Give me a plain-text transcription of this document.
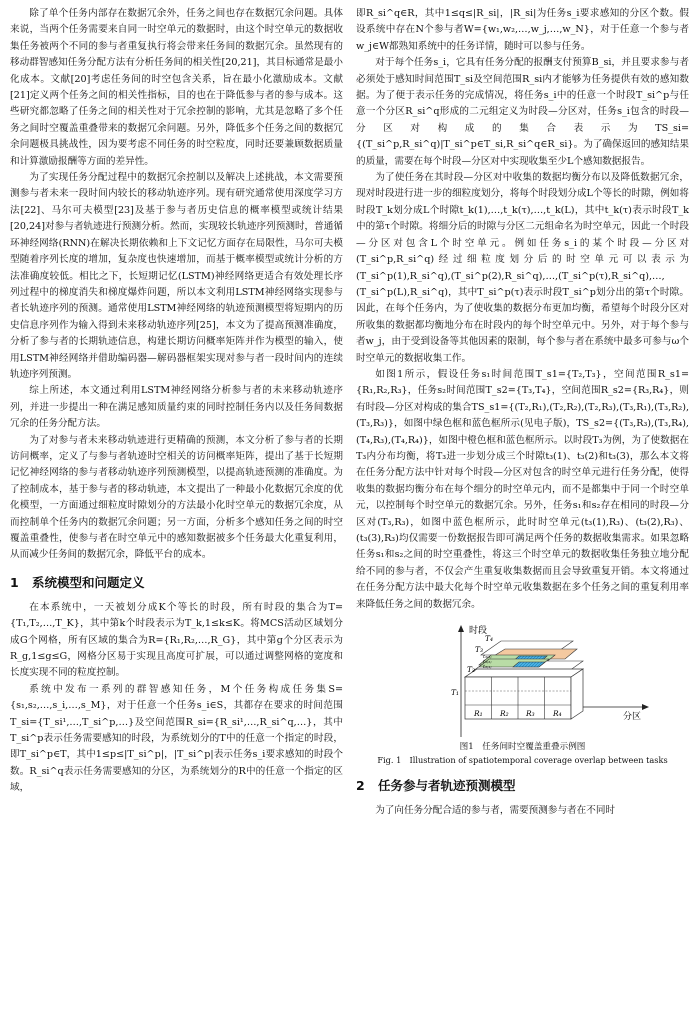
除了单个任务内部存在数据冗余外，任务之间也存在数据冗余问题。具体来说，当两个任务需要来自同一时空单元的数据时，由这个时空单元的数据收集任务被两个不同的参与者重复执行将会带来任务间的数据冗余。虽然现有的移动群智感知任务分配方法有分析任务间的相关性[20,21]，其目标通常是最小化成本。文献[20]考虑任务间的时空包含关系，旨在最小化激励成本。文献[21]定义两个任务之间的相关性指标，目的也在于降低参与者的参与成本。这些研究都忽略了任务之间的相关性对于冗余控制的影响，尤其是忽略了多个任务之间时空覆盖重叠带来的数据冗余问题。另外，降低多个任务之间的数据冗余问题极具挑战性，因为要考虑不同任务的时空粒度，同时还要兼顾数据质量和计算激励报酬等方面的差异性。

为了实现任务分配过程中的数据冗余控制以及解决上述挑战，本文需要预测参与者未来一段时间内较长的移动轨迹序列。现有研究通常使用深度学习方法[22]、马尔可夫模型[23]及基于参与者历史信息的概率模型或统计结果[20,24]对参与者轨迹进行预测分析。然而，实现较长轨迹序列预测时，普通循环神经网络(RNN)在解决长期依赖和上下文记忆方面存在局限性，马尔可夫模型随着序列长度的增加，复杂度也快速增加，而基于概率模型或统计分析的方法准确度较低。相比之下，长短期记忆(LSTM)神经网络更适合有效处理长序列过程中的梯度消失和梯度爆炸问题，所以本文利用LSTM神经网络实现参与者长轨迹序列的预测。通常使用LSTM神经网络的轨迹预测模型将短期内的历史信息序列作为输入得到未来移动轨迹序列[25]，本文为了提高预测准确度，分析了参与者的长期轨迹信息，构建长期访问概率矩阵并作为模型的输入，使用LSTM神经网络并借助编码器—解码器框架实现对参与者一段时间内的连续轨迹序列预测。

综上所述，本文通过利用LSTM神经网络分析参与者的未来移动轨迹序列，并进一步提出一种在满足感知质量约束的同时控制任务内以及任务间数据冗余的任务分配方法。

为了对参与者未来移动轨迹进行更精确的预测，本文分析了参与者的长期访问概率，定义了与参与者轨迹时空相关的访问概率矩阵，提出了基于长短期记忆神经网络的参与者移动轨迹序列预测模型，以提高轨迹预测的准确度。为了控制成本，基于参与者的移动轨迹，本文提出了一种最小化数据冗余度的优化模型，一方面通过细粒度时隙划分的方法最小化时空单元的数据冗余度，从而控制单个任务内的数据冗余问题；另一方面，分析多个感知任务之间的时空覆盖重叠性，使参与者在时空单元中的感知数据被多个任务最大化重复利用，从而减少任务间的数据冗余，降低平台的成本。

1 系统模型和问题定义

在本系统中，一天被划分成K个等长的时段，所有时段的集合为T={T₁,T₂,…,T_K}，其中第k个时段表示为T_k,1≤k≤K。将MCS活动区域划分成G个网格，所有区域的集合为R={R₁,R₂,…,R_G}，其中第g个分区表示为R_g,1≤g≤G，网格分区易于实现且高度可扩展，可以通过调整网格的宽度和长度实现不同的粒度控制。

系统中发布一系列的群智感知任务，M个任务构成任务集S={s₁,s₂,…,s_i,…,s_M}，对于任意一个任务s_i∈S，其都存在要求的时间范围T_si={T_si¹,…,T_si^p,…}及空间范围R_si={R_si¹,…,R_si^q,…}，其中T_si^p表示任务需要感知的时段，为系统划分的T中的任意一个指定的时段，即T_si^p∈T，其中1≤p≤|T_si^p|，|T_si^p|表示任务s_i要求感知的时段个数。R_si^q表示任务需要感知的分区，为系统划分的R中的任意一个指定的区域，

即R_si^q∈R，其中1≤q≤|R_si|，|R_si|为任务s_i要求感知的分区个数。假设系统中存在N个参与者W={w₁,w₂,…,w_j,…,w_N}，对于任意一个参与者w_j∈W都熟知系统中的任务详情，随时可以参与任务。

对于每个任务s_i，它具有任务分配的报酬支付预算B_si，并且要求参与者必须处于感知时间范围T_si及空间范围R_si内才能够为任务提供有效的感知数据。为了便于表示任务的完成情况，将任务s_i中的任意一个时段T_si^p与任意一个分区R_si^q形成的二元组定义为时段—分区对，任务s_i包含的时段—分区对构成的集合表示为TS_si={(T_si^p,R_si^q)|T_si^p∈T_si,R_si^q∈R_si}。为了确保返回的感知结果的质量，需要在每个时段—分区对中实现收集至少L个感知数据报告。

为了使任务在其时段—分区对中收集的数据均衡分布以及降低数据冗余，现对时段进行进一步的细粒度划分，将每个时段划分成L个等长的时隙，例如将时段T_k划分成L个时隙t_k(1),…,t_k(τ),…,t_k(L)，其中t_k(τ)表示时段T_k中的第τ个时隙。将细分后的时隙与分区二元组命名为时空单元，因此一个时段—分区对包含L个时空单元。例如任务s_i的某个时段—分区对(T_si^p,R_si^q)经过细粒度划分后的时空单元可以表示为(T_si^p(1),R_si^q),(T_si^p(2),R_si^q),…,(T_si^p(τ),R_si^q),…,(T_si^p(L),R_si^q)，其中T_si^p(τ)表示时段T_si^p划分出的第τ个时隙。因此，在每个任务内，为了使收集的数据分布更加均衡，希望每个时段分区对所收集的数据都均衡地分布在时段内的每个时空单元中。另外，对于每个参与者w_j，由于受到设备等其他因素的限制，每个参与者在系统中最多可参与ω个时空单元的数据收集工作。

如图1所示，假设任务s₁时间范围T_s1={T₂,T₃}，空间范围R_s1={R₁,R₂,R₃}，任务s₂时间范围T_s2={T₃,T₄}，空间范围R_s2={R₃,R₄}，则有时段—分区对构成的集合TS_s1={(T₂,R₁),(T₂,R₂),(T₂,R₃),(T₃,R₁),(T₃,R₂),(T₃,R₃)}，如图中绿色框和蓝色框所示(见电子版)，TS_s2={(T₃,R₃),(T₃,R₄),(T₄,R₃),(T₄,R₄)}，如图中橙色框和蓝色框所示。以时段T₃为例，为了使数据在T₃内分布均衡，将T₃进一步划分成三个时隙t₃(1)、t₃(2)和t₃(3)，那么本文将在任务分配方法中针对每个时段—分区对包含的时空单元进行任务分配，使得收集的数据均衡分布在每个细分的时空单元内，而不是都集中于同一个时空单元，以控制每个时空单元的数据冗余。另外，任务s₁和s₂存在相同的时段—分区对(T₃,R₃)，如图中蓝色框所示，此时时空单元(t₃(1),R₃)、(t₃(2),R₃)、(t₃(3),R₃)均仅需要一份数据报告即可满足两个任务的数据收集需求。如果忽略任务s₁和s₂之间的时空重叠性，将这三个时空单元的数据收集任务独立地分配给不同的参与者，不仅会产生重复收集数据而且会导致重复开销。本文将通过在任务分配方法中最大化每个时空单元收集数据在多个任务之间的重复利用率来降低任务之间的数据冗余。

时段
分区
T₄
T₃
t₃₍₃₎
t₃₍₂₎
t₃₍₁₎
T₂
T₁
R₁ R₂ R₃ R₄
图1　任务间时空覆盖重叠示例图
Fig. 1　Illustration of spatiotemporal coverage overlap between tasks
2 任务参与者轨迹预测模型

为了向任务分配合适的参与者，需要预测参与者在不同时
